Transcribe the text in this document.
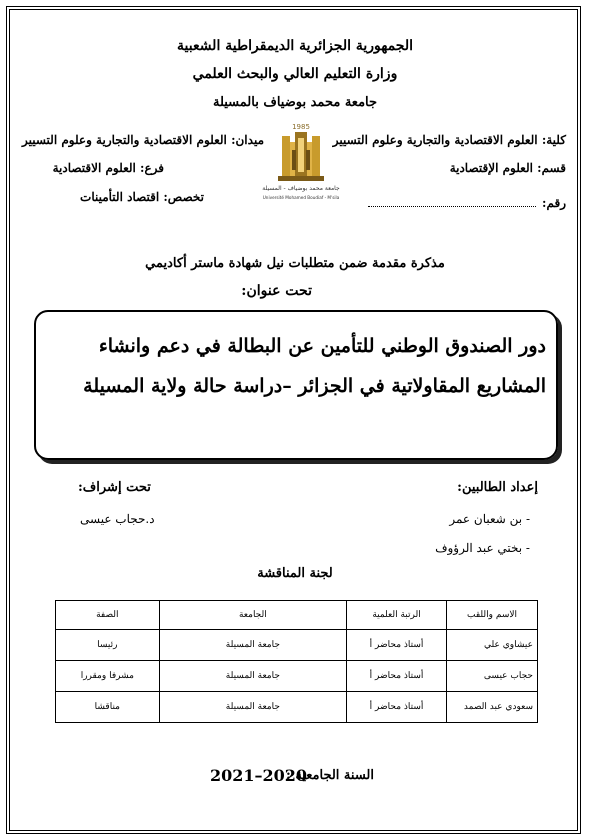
الجمهورية الجزائرية الديمقراطية الشعبية
وزارة التعليم العالي والبحث العلمي
جامعة محمد بوضياف بالمسيلة
كلية: العلوم الاقتصادية والتجارية وعلوم التسيير
قسم: العلوم الإقتصادية
رقم:
ميدان: العلوم الاقتصادية والتجارية وعلوم التسيير
فرع: العلوم الاقتصادية
تخصص: اقتصاد التأمينات
1985
جامعة محمد بوضياف - المسيلة
Université Mohamed Boudiaf - M'sila
مذكرة مقدمة ضمن متطلبات نيل شهادة ماستر أكاديمي
تحت عنوان:
دور الصندوق الوطني للتأمين عن البطالة في دعم وانشاء المشاريع المقاولاتية في الجزائر –دراسة حالة ولاية المسيلة
إعداد الطالبين:
- بن شعبان عمر
- بختي عبد الرؤوف
تحت إشراف:
د.حجاب عيسى
لجنة المناقشة
الاسم واللقب	الرتبة العلمية	الجامعة	الصفة
عيشاوي علي	أستاذ محاضر أ	جامعة المسيلة	رئيسا
حجاب عيسى	أستاذ محاضر أ	جامعة المسيلة	مشرفا ومقررا
سعودي عبد الصمد	أستاذ محاضر أ	جامعة المسيلة	مناقشا
السنة الجامعية :
2021–2020
